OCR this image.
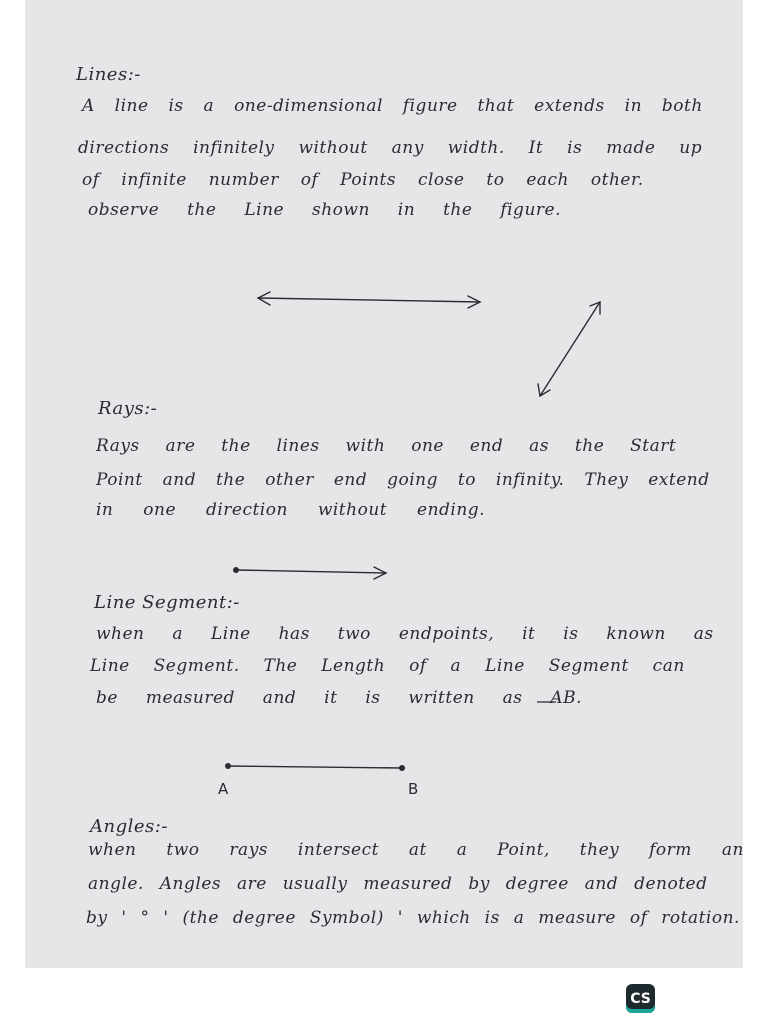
Lines:-
A line is a one-dimensional figure that extends in both
directions infinitely without any width. It is made up
of infinite number of Points close to each other.
observe the Line shown in the figure.
Rays:-
Rays are the lines with one end as the Start
Point and the other end going to infinity. They extend
in one direction without ending.
Line Segment:-
when a Line has two endpoints, it is known as
Line Segment. The Length of a Line Segment can
be measured and it is written as AB.
Angles:-
when two rays intersect at a Point, they form an
angle. Angles are usually measured by degree and denoted
by ' ° ' (the degree Symbol) ' which is a measure of rotation.
A	B
CS
